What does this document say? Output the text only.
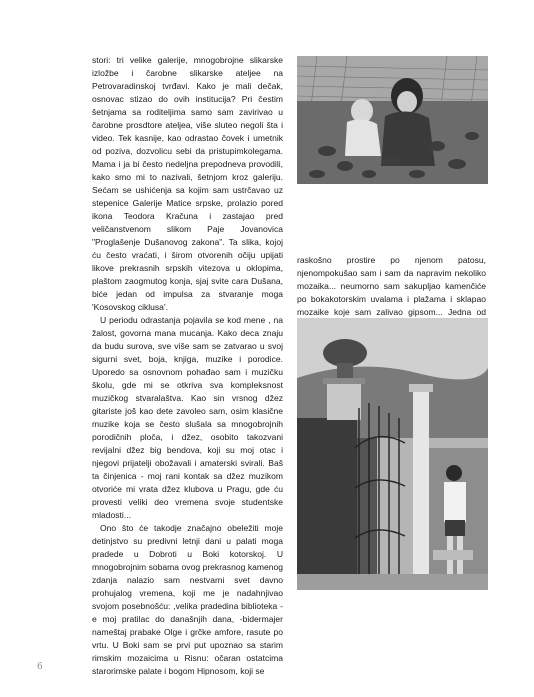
stori: tri velike galerije, mnogobrojne slikarske izložbe i čarobne slikarske ateljee na Petrovaradinskoj tvrđavi. Kako je mali dečak, osnovac stizao do ovih institucija? Pri čestim šetnjama sa roditeljima samo sam zavirivao u čarobne prosdtore ateljea, više sluteo negoli šta i video. Tek kasnije, kao odrastao čovek i umetnik od poziva, dozvolicu sebi da pristupimkolegama. Mama i ja bi često nedeljna prepodneva provodili, kako smo mi to nazivali, šetnjom kroz galeriju. Sećam se ushićenja sa kojim sam ustrčavao uz stepenice Galerije Matice srpske, prolazio pored ikona Teodora Kračuna i zastajao pred veličanstvenom slikom Paje Jovanovica "Proglašenje Dušanovog zakona". Ta slika, kojoj ću često vraćati, i širom otvorenih očiju upijati likove prekrasnih srpskih vitezova u oklopima, plaštom zaogmutog konja, sjaj svite cara Dušana, biće jedan od impulsa za stvaranje moga 'Kosovskog ciklusa'.

U periodu odrastanja pojavila se kod mene , na žalost, govorna mana mucanja. Kako deca znaju da budu surova, sve više sam se zatvarao u svoj sigurni svet, boja, knjiga, muzike i porodice. Uporedo sa osnovnom pohađao sam i muzičku školu, gde mi se otkriva sva kompleksnost muzičkog stvaralaštva. Kao sin vrsnog džez gitariste još kao dete zavoleo sam, osim klasične muzike koja se često slušala sa mnogobrojnih porodičnih ploča, i džez, osobito takozvani revijalni džez big bendova, koji su moj otac i njegovi prijatelji obožavali i amaterski svirali. Baš ta činjenica - moj rani kontak sa džez muzikom otvoriće mi vrata džez klubova u Pragu, gde ću provesti veliki deo vremena svoje studentske mladosti...

Ono što će takodje značajno obeležiti moje detinjstvo su predivni letnji dani u palati moga pradede u Dobroti u Boki kotorskoj. U mnogobrojnim sobama ovog prekrasnog kamenog zdanja nalazio sam nestvarni svet davno prohujalog vremena, koji me je nadahnjivao svojom posebnošću: ,velika pradedina biblioteka -e moj pratilac do današnjih dana, -bidermajer nameštaj prabake Olge i grčke amfore, rasute po vrtu. U Boki sam se prvi put upoznao sa starim rimskim mozaicima u Risnu: očaran ostatcima starorimske palate i bogom Hipnosom, koji se

raskošno prostire po njenom patosu, njenompokušao sam i sam da napravim nekoliko mozaika... neumorno sam sakupljao kamenčiće po bokakotorskim uvalama i plažama i sklapao mozaike koje sam zalivao gipsom... Jedna od

6
